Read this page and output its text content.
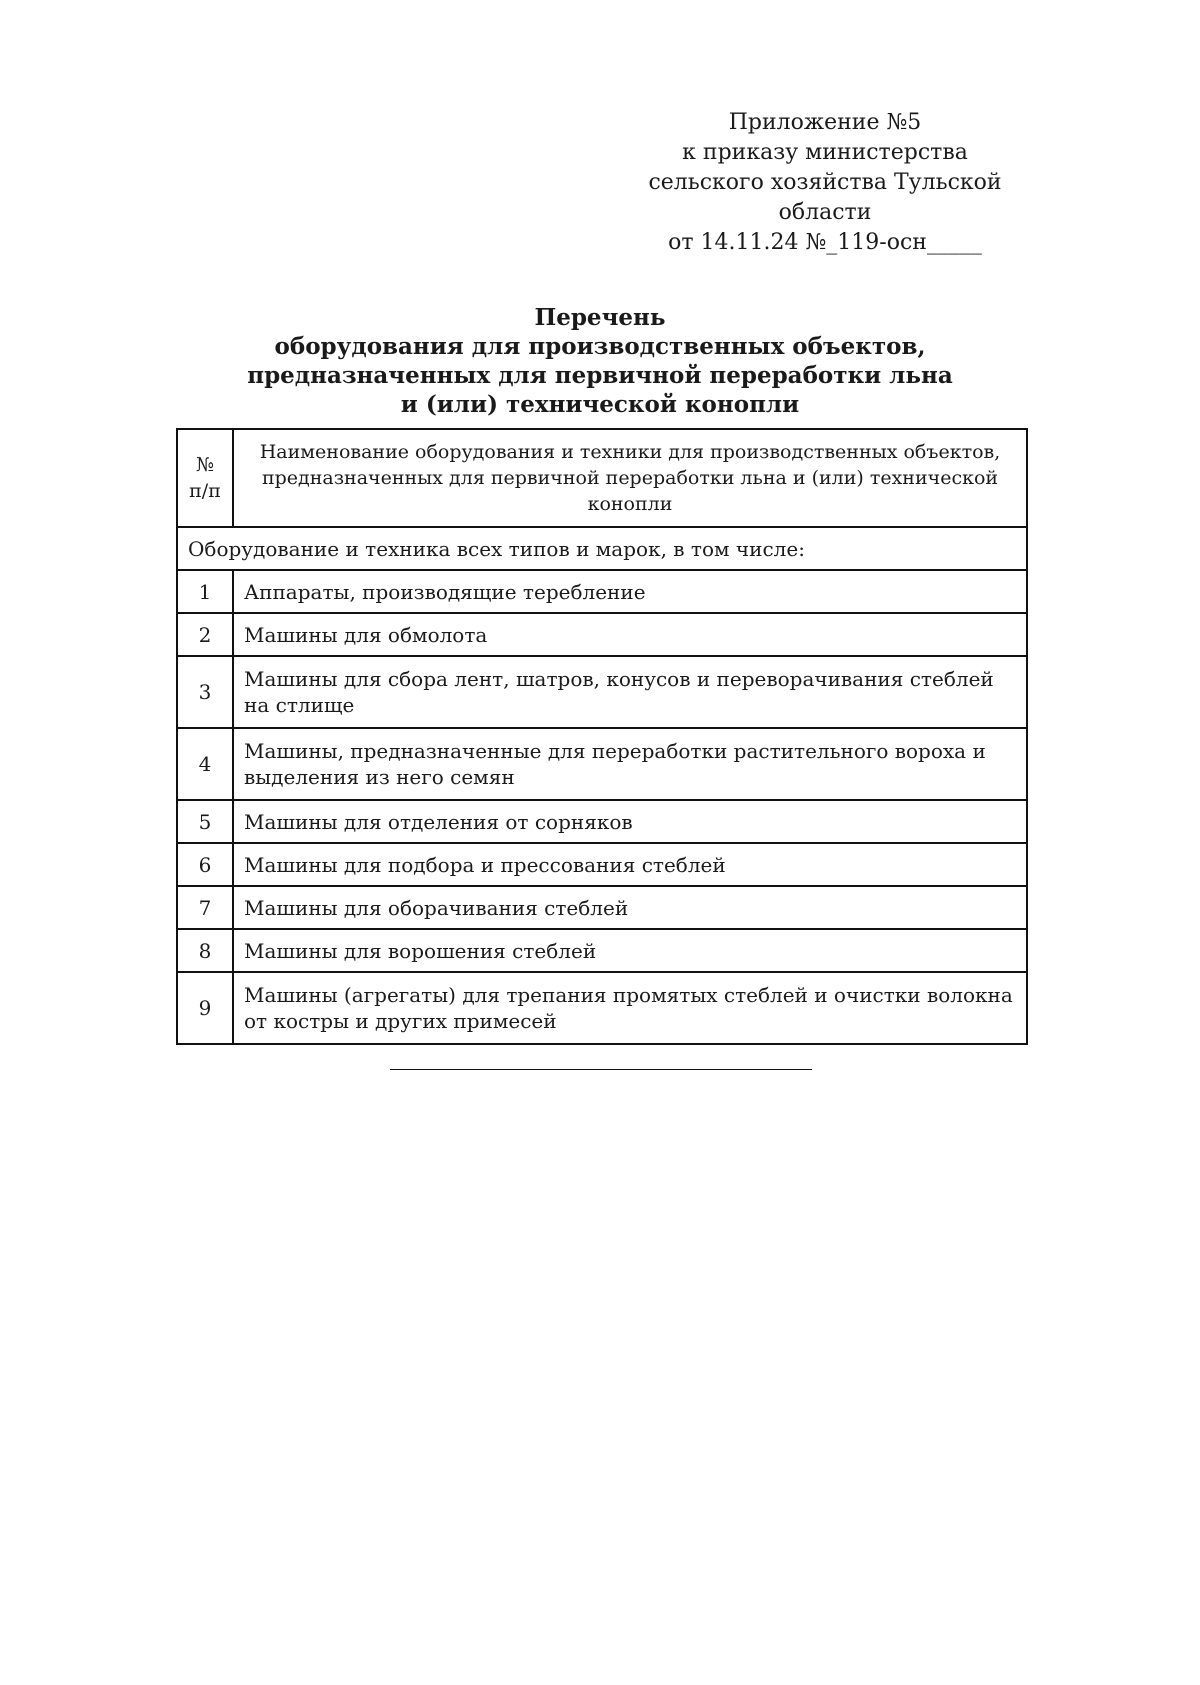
Приложение №5
к приказу министерства
сельского хозяйства Тульской
области
от 14.11.24 №_119-осн_____
Перечень
оборудования для производственных объектов,
предназначенных для первичной переработки льна
и (или) технической конопли
№
п/п	Наименование оборудования и техники для производственных объектов, предназначенных для первичной переработки льна и (или) технической конопли
Оборудование и техника всех типов и марок, в том числе:	
1	Аппараты, производящие теребление
2	Машины для обмолота
3	Машины для сбора лент, шатров, конусов и переворачивания стеблей на стлище
4	Машины, предназначенные для переработки растительного вороха и выделения из него семян
5	Машины для отделения от сорняков
6	Машины для подбора и прессования стеблей
7	Машины для оборачивания стеблей
8	Машины для ворошения стеблей
9	Машины (агрегаты) для трепания промятых стеблей и очистки волокна от костры и других примесей
